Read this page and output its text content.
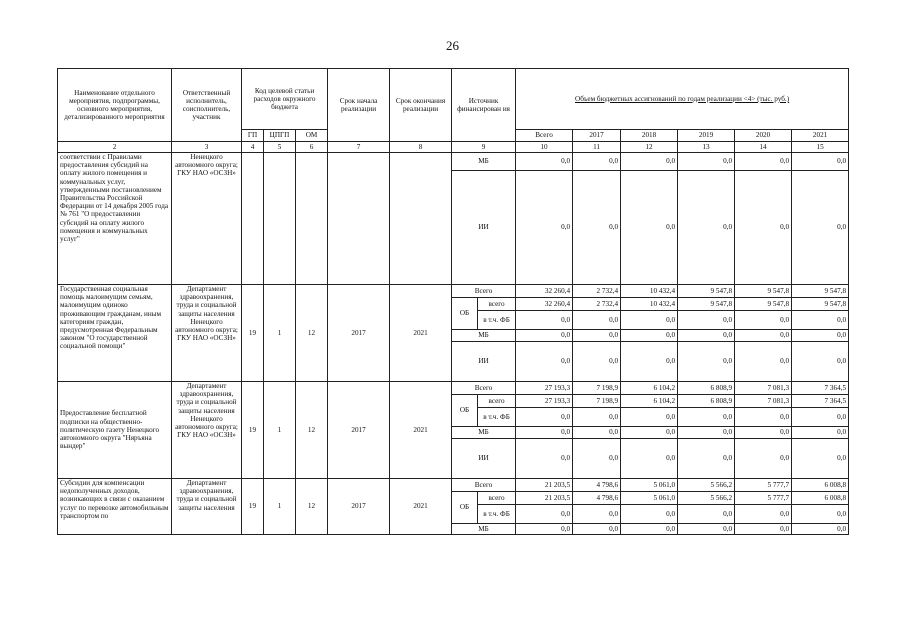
26
Наименование отдельного мероприятия, подпрограммы, основного мероприятия, детализированного мероприятия	Ответственный исполнитель, соисполнитель, участник	Код целевой статьи расходов окружного бюджета			Срок начала реализации	Срок окончания реализации	Источник финансирован ия		Объем бюджетных ассигнований по годам реализации <4> (тыс. руб.)					
		ГП	ЦПГП	ОМ					Всего	2017	2018	2019	2020	2021
2	3	4	5	6	7	8	9		10	11	12	13	14	15
соответствии с Правилами предоставления субсидий на оплату жилого помещения и коммунальных услуг, утвержденными постановлением Правительства Российской Федерации от 14 декабря 2005 года № 761 "О предоставлении субсидий на оплату жилого помещения и коммунальных услуг"	Ненецкого автономного округа; ГКУ НАО «ОСЗН»						МБ		0,0	0,0	0,0	0,0	0,0	0,0
							ИИ		0,0	0,0	0,0	0,0	0,0	0,0
Государственная социальная помощь малоимущим семьям, малоимущим одиноко проживающим гражданам, иным категориям граждан, предусмотренная Федеральным законом "О государственной социальной помощи"	Департамент здравоохранения, труда и социальной защиты населения Ненецкого автономного округа; ГКУ НАО «ОСЗН»	19	1	12	2017	2021	Всего		32 260,4	2 732,4	10 432,4	9 547,8	9 547,8	9 547,8
							ОБ	всего	32 260,4	2 732,4	10 432,4	9 547,8	9 547,8	9 547,8
								в т.ч. ФБ	0,0	0,0	0,0	0,0	0,0	0,0
							МБ		0,0	0,0	0,0	0,0	0,0	0,0
							ИИ		0,0	0,0	0,0	0,0	0,0	0,0
Предоставление бесплатной подписки на общественно-политическую газету Ненецкого автономного округа "Няръяна вындер"	Департамент здравоохранения, труда и социальной защиты населения Ненецкого автономного округа; ГКУ НАО «ОСЗН»	19	1	12	2017	2021	Всего		27 193,3	7 198,9	6 104,2	6 808,9	7 081,3	7 364,5
							ОБ	всего	27 193,3	7 198,9	6 104,2	6 808,9	7 081,3	7 364,5
								в т.ч. ФБ	0,0	0,0	0,0	0,0	0,0	0,0
							МБ		0,0	0,0	0,0	0,0	0,0	0,0
							ИИ		0,0	0,0	0,0	0,0	0,0	0,0
Субсидии для компенсации недополученных доходов, возникающих в связи с оказанием услуг по перевозке автомобильным транспортом по	Департамент здравоохранения, труда и социальной защиты населения	19	1	12	2017	2021	Всего		21 203,5	4 798,6	5 061,0	5 566,2	5 777,7	6 008,8
							ОБ	всего	21 203,5	4 798,6	5 061,0	5 566,2	5 777,7	6 008,8
								в т.ч. ФБ	0,0	0,0	0,0	0,0	0,0	0,0
							МБ		0,0	0,0	0,0	0,0	0,0	0,0
